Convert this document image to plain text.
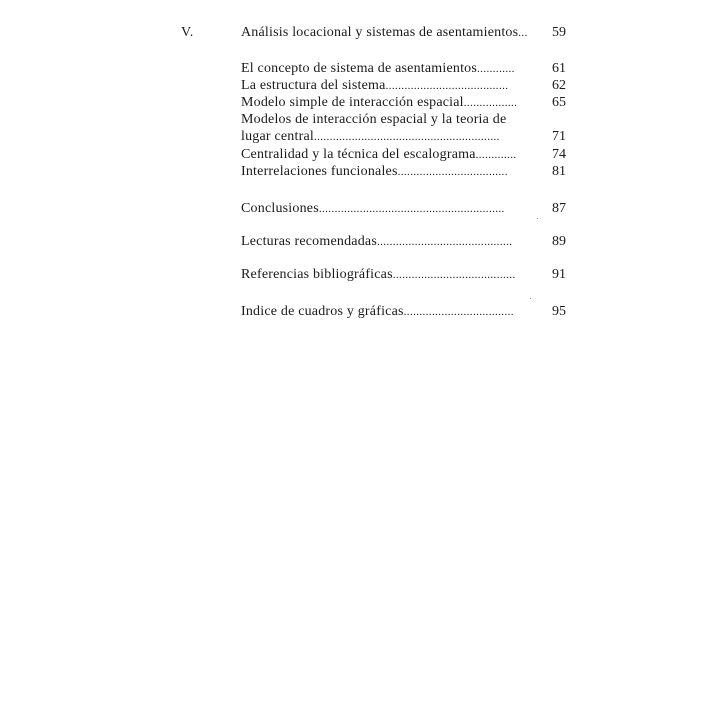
V.	Análisis locacional y sistemas de asentamientos...	59
El concepto de sistema de asentamientos............	61
La estructura del sistema.......................................	62
Modelo simple de interacción espacial.................	65
Modelos de interacción espacial y la teoria de
lugar central...........................................................	71
Centralidad y la técnica del escalograma.............	74
Interrelaciones funcionales...................................	81
Conclusiones...........................................................	87
Lecturas recomendadas...........................................	89
Referencias bibliográficas.......................................	91
Indice de cuadros y gráficas...................................	95
